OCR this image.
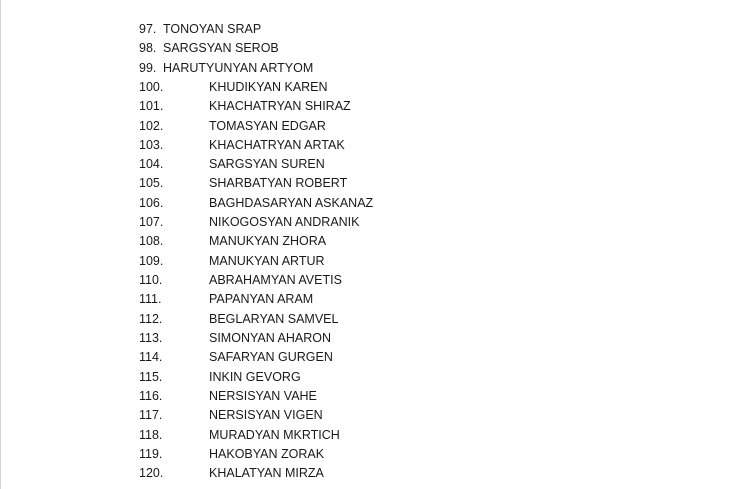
97. TONOYAN SRAP
98. SARGSYAN SEROB
99. HARUTYUNYAN ARTYOM
100.	KHUDIKYAN KAREN
101.	KHACHATRYAN SHIRAZ
102.	TOMASYAN EDGAR
103.	KHACHATRYAN ARTAK
104.	SARGSYAN SUREN
105.	SHARBATYAN ROBERT
106.	BAGHDASARYAN ASKANAZ
107.	NIKOGOSYAN ANDRANIK
108.	MANUKYAN ZHORA
109.	MANUKYAN ARTUR
110.	ABRAHAMYAN AVETIS
111.	PAPANYAN ARAM
112.	BEGLARYAN SAMVEL
113.	SIMONYAN AHARON
114.	SAFARYAN GURGEN
115.	INKIN GEVORG
116.	NERSISYAN VAHE
117.	NERSISYAN VIGEN
118.	MURADYAN MKRTICH
119.	HAKOBYAN ZORAK
120.	KHALATYAN MIRZA
